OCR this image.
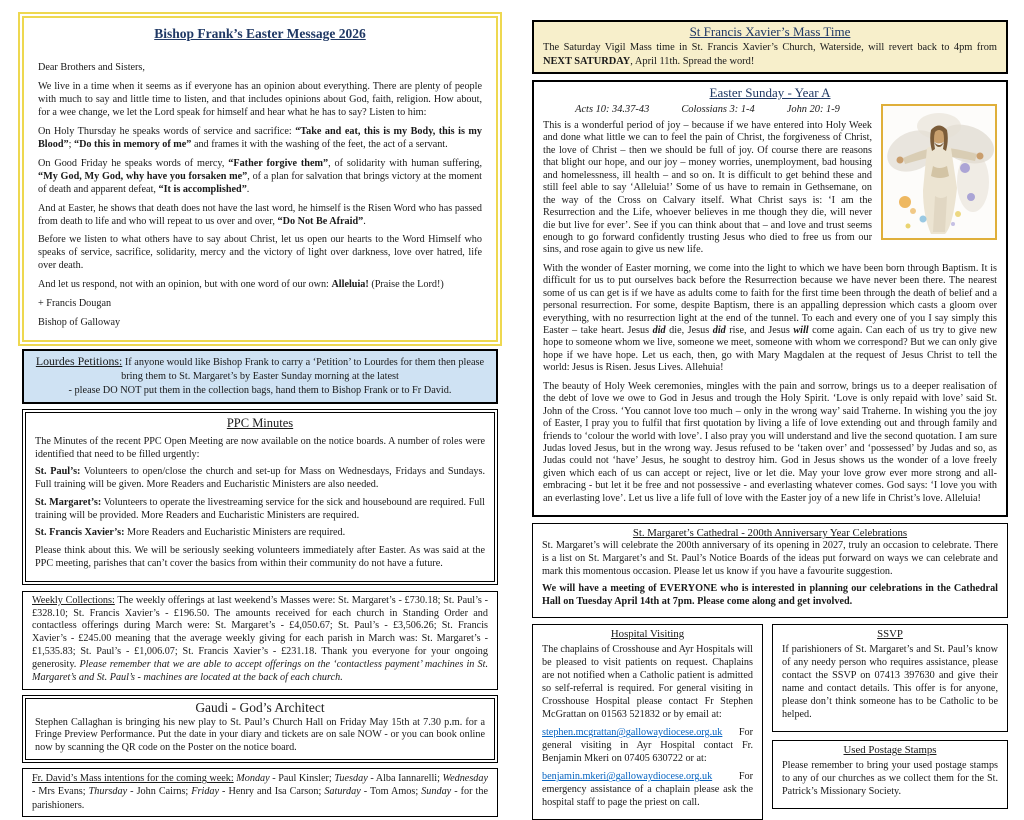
Bishop Frank’s Easter Message 2026

Dear Brothers and Sisters,

We live in a time when it seems as if everyone has an opinion about everything. There are plenty of people with much to say and little time to listen, and that includes opinions about God, faith, religion. How about, for a wee change, we let the Lord speak for himself and hear what he has to say? Listen to him:

On Holy Thursday he speaks words of service and sacrifice: “Take and eat, this is my Body, this is my Blood”; “Do this in memory of me” and frames it with the washing of the feet, the act of a servant.

On Good Friday he speaks words of mercy, “Father forgive them”, of solidarity with human suffering, “My God, My God, why have you forsaken me”, of a plan for salvation that brings victory at the moment of death and apparent defeat, “It is accomplished”.

And at Easter, he shows that death does not have the last word, he himself is the Risen Word who has passed from death to life and who will repeat to us over and over, “Do Not Be Afraid”.

Before we listen to what others have to say about Christ, let us open our hearts to the Word Himself who speaks of service, sacrifice, solidarity, mercy and the victory of light over darkness, love over hatred, life over death.

And let us respond, not with an opinion, but with one word of our own: Alleluia! (Praise the Lord!)

+ Francis Dougan

Bishop of Galloway

Lourdes Petitions: If anyone would like Bishop Frank to carry a ‘Petition’ to Lourdes for them then please bring them to St. Margaret’s by Easter Sunday morning at the latest

- please DO NOT put them in the collection bags, hand them to Bishop Frank or to Fr David.

PPC Minutes

The Minutes of the recent PPC Open Meeting are now available on the notice boards. A number of roles were identified that need to be filled urgently:

St. Paul’s: Volunteers to open/close the church and set-up for Mass on Wednesdays, Fridays and Sundays. Full training will be given. More Readers and Eucharistic Ministers are also needed.

St. Margaret’s: Volunteers to operate the livestreaming service for the sick and housebound are required. Full training will be provided. More Readers and Eucharistic Ministers are required.

St. Francis Xavier’s: More Readers and Eucharistic Ministers are required.

Please think about this. We will be seriously seeking volunteers immediately after Easter. As was said at the PPC meeting, parishes that can’t cover the basics from within their community do not have a future.

Weekly Collections: The weekly offerings at last weekend’s Masses were: St. Margaret’s - £730.18; St. Paul’s - £328.10; St. Francis Xavier’s - £196.50. The amounts received for each church in Standing Order and contactless offerings during March were: St. Margaret’s - £4,050.67; St. Paul’s - £3,506.26; St. Francis Xavier’s - £245.00 meaning that the average weekly giving for each parish in March was: St. Margaret’s - £1,535.83; St. Paul’s - £1,006.07; St. Francis Xavier’s - £231.18. Thank you everyone for your ongoing generosity. Please remember that we are able to accept offerings on the ‘contactless payment’ machines in St. Margaret’s and St. Paul’s - machines are located at the back of each church.

Gaudi - God’s Architect

Stephen Callaghan is bringing his new play to St. Paul’s Church Hall on Friday May 15th at 7.30 p.m. for a Fringe Preview Performance. Put the date in your diary and tickets are on sale NOW - or you can book online now by scanning the QR code on the Poster on the notice board.

Fr. David’s Mass intentions for the coming week: Monday - Paul Kinsler; Tuesday - Alba Iannarelli; Wednesday - Mrs Evans; Thursday - John Cairns; Friday - Henry and Isa Carson; Saturday - Tom Amos; Sunday - for the parishioners.

St Francis Xavier’s Mass Time

The Saturday Vigil Mass time in St. Francis Xavier’s Church, Waterside, will revert back to 4pm from NEXT SATURDAY, April 11th. Spread the word!

Easter Sunday - Year A
Acts 10: 34.37-43	Colossians 3: 1-4	John 20: 1-9

This is a wonderful period of joy – because if we have entered into Holy Week and done what little we can to feel the pain of Christ, the forgiveness of Christ, the love of Christ – then we should be full of joy. Of course there are reasons that blight our hope, and our joy – money worries, unemployment, bad housing and homelessness, ill health – and so on. It is difficult to get behind these and still feel able to say ‘Alleluia!’ Some of us have to remain in Gethsemane, on the way of the Cross on Calvary itself. What Christ says is: ‘I am the Resurrection and the Life, whoever believes in me though they die, will never die but live for ever’. See if you can think about that – and love and trust seems enough to go forward confidently trusting Jesus who died to free us from our sins, and rose again to give us new life.

With the wonder of Easter morning, we come into the light to which we have been born through Baptism. It is difficult for us to put ourselves back before the Resurrection because we have never been there. The nearest some of us can get is if we have as adults come to faith for the first time been through the death of belief and a personal resurrection. For some, despite Baptism, there is an appalling depression which casts a gloom over everything, with no resurrection light at the end of the tunnel. To each and every one of you I say simply this Easter – take heart. Jesus did die, Jesus did rise, and Jesus will come again. Can each of us try to give new hope to someone whom we live, someone we meet, someone with whom we correspond? But we can only give hope if we have hope. Let us each, then, go with Mary Magdalen at the request of Jesus Christ to tell the world: Jesus is Risen. Jesus Lives. Allehuia!

The beauty of Holy Week ceremonies, mingles with the pain and sorrow, brings us to a deeper realisation of the debt of love we owe to God in Jesus and trough the Holy Spirit. ‘Love is only repaid with love’ said St. John of the Cross. ‘You cannot love too much – only in the wrong way’ said Traherne. In wishing you the joy of Easter, I pray you to fulfil that first quotation by living a life of love extending out and through family and friends to ‘colour the world with love’. I also pray you will understand and live the second quotation. I am sure Judas loved Jesus, but in the wrong way. Jesus refused to be ‘taken over’ and ‘possessed’ by Judas and so, as Judas could not ‘have’ Jesus, he sought to destroy him. God in Jesus shows us the wonder of a love freely given which each of us can accept or reject, live or let die. May your love grow ever more strong and all-embracing - but let it be free and not possessive - and everlasting whatever comes. God says: ‘I love you with an everlasting love’. Let us live a life full of love with the Easter joy of a new life in Christ’s love. Alleluia!

St. Margaret’s Cathedral - 200th Anniversary Year Celebrations

St. Margaret’s will celebrate the 200th anniversary of its opening in 2027, truly an occasion to celebrate. There is a list on St. Margaret’s and St. Paul’s Notice Boards of the ideas put forward on ways we can celebrate and mark this momentous occasion. Please let us know if you have a favourite suggestion.

We will have a meeting of EVERYONE who is interested in planning our celebrations in the Cathedral Hall on Tuesday April 14th at 7pm. Please come along and get involved.

Hospital Visiting

The chaplains of Crosshouse and Ayr Hospitals will be pleased to visit patients on request. Chaplains are not notified when a Catholic patient is admitted so self-referral is required. For general visiting in Crosshouse Hospital please contact Fr Stephen McGrattan on 01563 521832 or by email at:

stephen.mcgrattan@gallowaydiocese.org.uk For general visiting in Ayr Hospital contact Fr. Benjamin Mkeri on 07405 630722 or at:

benjamin.mkeri@gallowaydiocese.org.uk For emergency assistance of a chaplain please ask the hospital staff to page the priest on call.

SSVP

If parishioners of St. Margaret’s and St. Paul’s know of any needy person who requires assistance, please contact the SSVP on 07413 397630 and give their name and contact details. This offer is for anyone, please don’t think someone has to be Catholic to be helped.

Used Postage Stamps

Please remember to bring your used postage stamps to any of our churches as we collect them for the St. Patrick’s Missionary Society.
